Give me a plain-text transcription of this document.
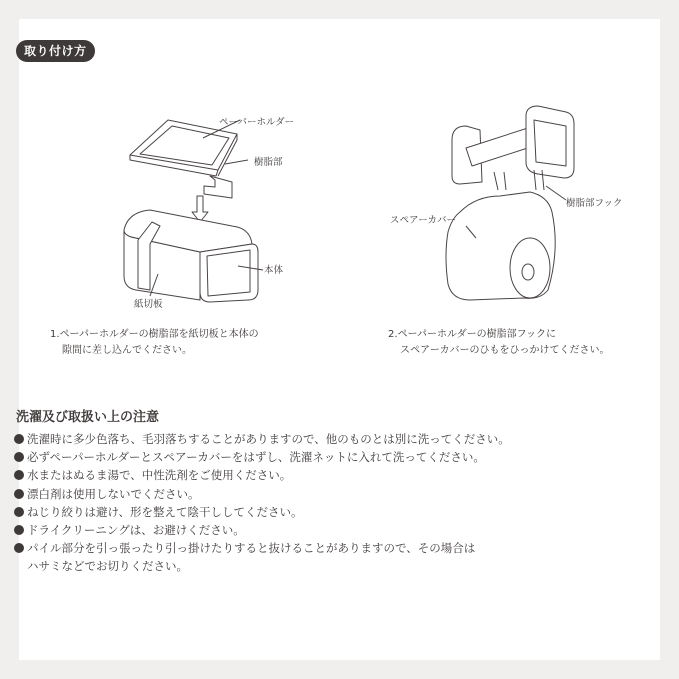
取り付け方
ペーパーホルダー
樹脂部
本体
紙切板
樹脂部フック
スペアーカバー
1.ペーパーホルダーの樹脂部を紙切板と本体の
隙間に差し込んでください。
2.ペーパーホルダーの樹脂部フックに
スペアーカバーのひもをひっかけてください。
洗濯及び取扱い上の注意
洗濯時に多少色落ち、毛羽落ちすることがありますので、他のものとは別に洗ってください。
必ずペーパーホルダーとスペアーカバーをはずし、洗濯ネットに入れて洗ってください。
水またはぬるま湯で、中性洗剤をご使用ください。
漂白剤は使用しないでください。
ねじり絞りは避け、形を整えて陰干ししてください。
ドライクリーニングは、お避けください。
パイル部分を引っ張ったり引っ掛けたりすると抜けることがありますので、その場合は
ハサミなどでお切りください。
